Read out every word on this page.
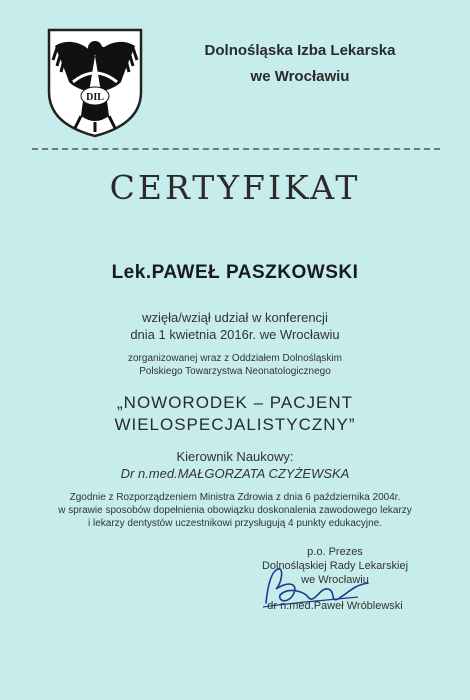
DIL
Dolnośląska Izba Lekarska
we Wrocławiu
CERTYFIKAT
Lek.PAWEŁ PASZKOWSKI
wzięła/wziął udział w konferencji
dnia 1 kwietnia 2016r. we Wrocławiu
zorganizowanej wraz z Oddziałem Dolnośląskim
Polskiego Towarzystwa Neonatologicznego
„NOWORODEK – PACJENT
WIELOSPECJALISTYCZNY”
Kierownik Naukowy:
Dr n.med.MAŁGORZATA CZYŻEWSKA
Zgodnie z Rozporządzeniem Ministra Zdrowia z dnia 6 października 2004r.
w sprawie sposobów dopełnienia obowiązku doskonalenia zawodowego lekarzy
i lekarzy dentystów uczestnikowi przysługują 4 punkty edukacyjne.
p.o. Prezes
Dolnośląskiej Rady Lekarskiej
we Wrocławiu
dr n.med.Paweł Wróblewski
